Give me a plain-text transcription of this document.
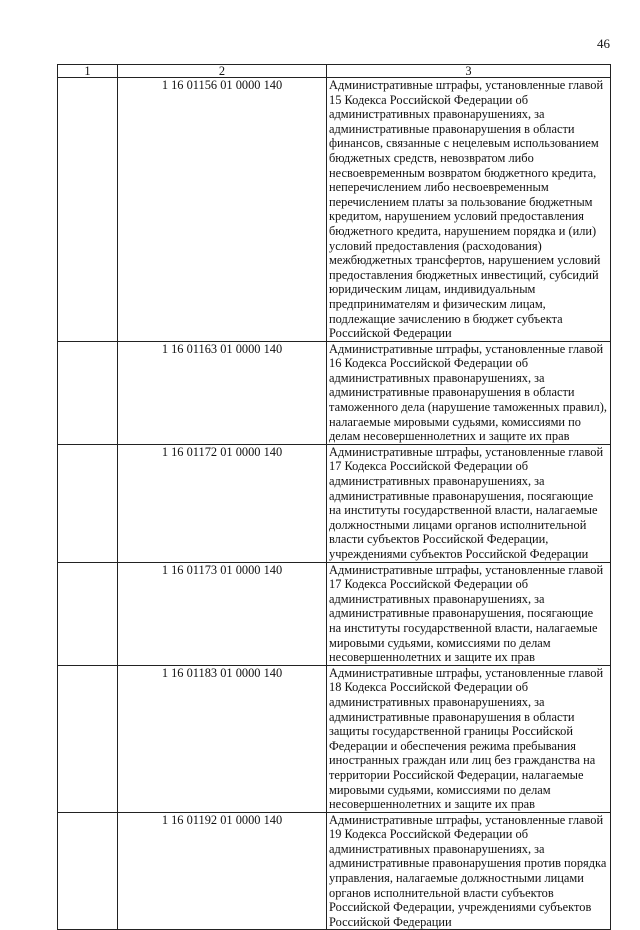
46
1	2	3
	1 16 01156 01 0000 140	Административные штрафы, установленные главой 15 Кодекса Российской Федерации об административных правонарушениях, за административные правонарушения в области финансов, связанные с нецелевым использованием бюджетных средств, невозвратом либо несвоевременным возвратом бюджетного кредита, неперечислением либо несвоевременным перечислением платы за пользование бюджетным кредитом, нарушением условий предоставления бюджетного кредита, нарушением порядка и (или) условий предоставления (расходования) межбюджетных трансфертов, нарушением условий предоставления бюджетных инвестиций, субсидий юридическим лицам, индивидуальным предпринимателям и физическим лицам, подлежащие зачислению в бюджет субъекта Российской Федерации
	1 16 01163 01 0000 140	Административные штрафы, установленные главой 16 Кодекса Российской Федерации об административных правонарушениях, за административные правонарушения в области таможенного дела (нарушение таможенных правил), налагаемые мировыми судьями, комиссиями по делам несовершеннолетних и защите их прав
	1 16 01172 01 0000 140	Административные штрафы, установленные главой 17 Кодекса Российской Федерации об административных правонарушениях, за административные правонарушения, посягающие на институты государственной власти, налагаемые должностными лицами органов исполнительной власти субъектов Российской Федерации, учреждениями субъектов Российской Федерации
	1 16 01173 01 0000 140	Административные штрафы, установленные главой 17 Кодекса Российской Федерации об административных правонарушениях, за административные правонарушения, посягающие на институты государственной власти, налагаемые мировыми судьями, комиссиями по делам несовершеннолетних и защите их прав
	1 16 01183 01 0000 140	Административные штрафы, установленные главой 18 Кодекса Российской Федерации об административных правонарушениях, за административные правонарушения в области защиты государственной границы Российской Федерации и обеспечения режима пребывания иностранных граждан или лиц без гражданства на территории Российской Федерации, налагаемые мировыми судьями, комиссиями по делам несовершеннолетних и защите их прав
	1 16 01192 01 0000 140	Административные штрафы, установленные главой 19 Кодекса Российской Федерации об административных правонарушениях, за административные правонарушения против порядка управления, налагаемые должностными лицами органов исполнительной власти субъектов Российской Федерации, учреждениями субъектов Российской Федерации
